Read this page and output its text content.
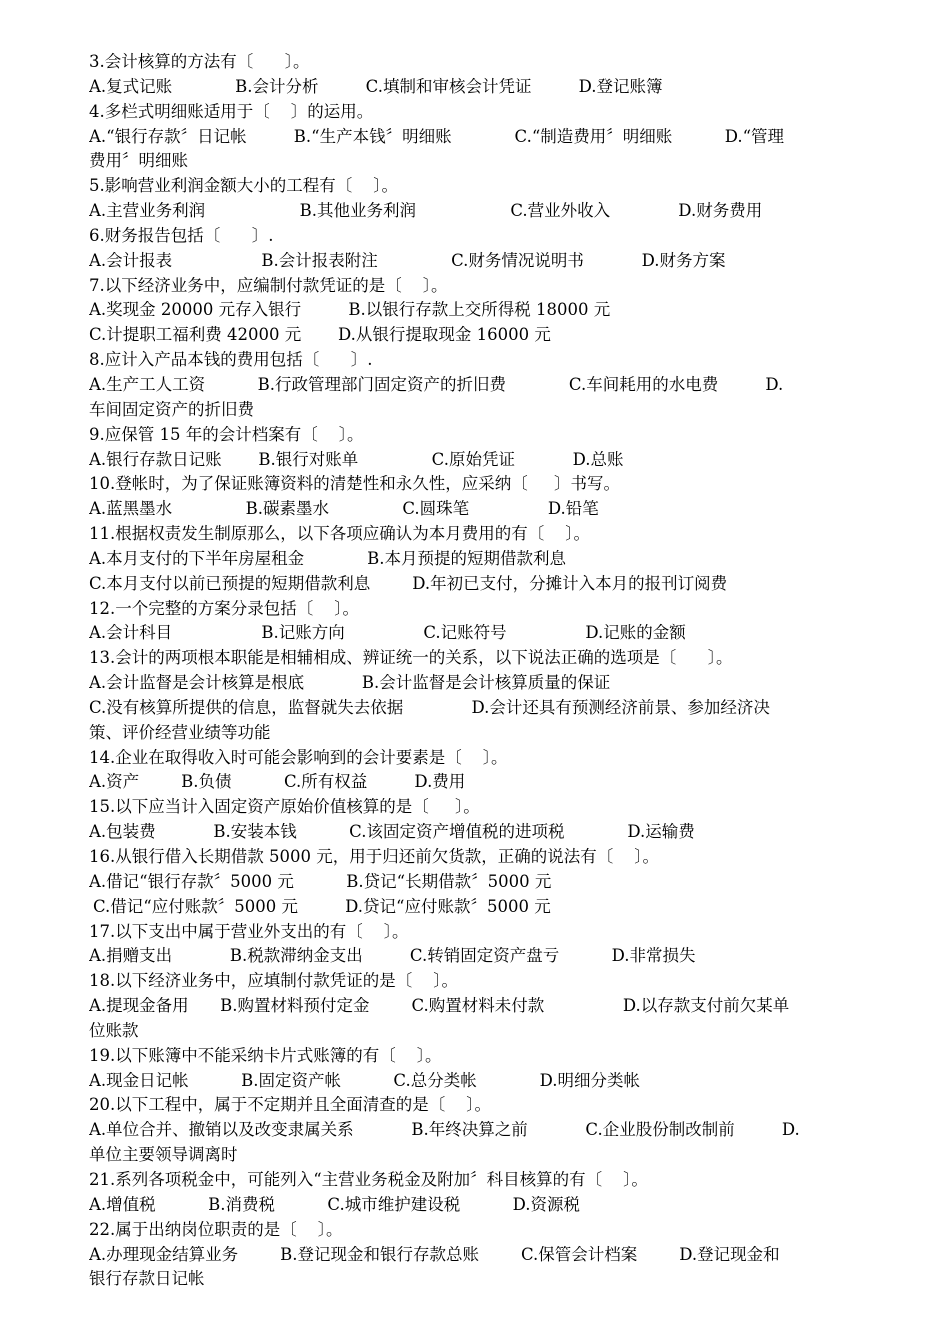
3.会计核算的方法有〔      〕。
A.复式记账            B.会计分析         C.填制和审核会计凭证         D.登记账簿
4.多栏式明细账适用于〔    〕的运用。
A.“银行存款〞日记帐         B.“生产本钱〞明细账            C.“制造费用〞明细账          D.“管理
费用〞明细账
5.影响营业利润金额大小的工程有〔    〕。
A.主营业务利润                  B.其他业务利润                  C.营业外收入             D.财务费用
6.财务报告包括〔      〕.
A.会计报表                 B.会计报表附注              C.财务情况说明书           D.财务方案
7.以下经济业务中，应编制付款凭证的是〔    〕。
A.奖现金 20000 元存入银行         B.以银行存款上交所得税 18000 元
C.计提职工福利费 42000 元       D.从银行提取现金 16000 元
8.应计入产品本钱的费用包括〔      〕.
A.生产工人工资          B.行政管理部门固定资产的折旧费            C.车间耗用的水电费         D.
车间固定资产的折旧费
9.应保管 15 年的会计档案有〔    〕。
A.银行存款日记账       B.银行对账单              C.原始凭证           D.总账
10.登帐时，为了保证账簿资料的清楚性和永久性，应采纳〔     〕书写。
A.蓝黑墨水              B.碳素墨水              C.圆珠笔               D.铅笔
11.根据权责发生制原那么，以下各项应确认为本月费用的有〔    〕。
A.本月支付的下半年房屋租金            B.本月预提的短期借款利息
C.本月支付以前已预提的短期借款利息        D.年初已支付，分摊计入本月的报刊订阅费
12.一个完整的方案分录包括〔    〕。
A.会计科目                 B.记账方向               C.记账符号               D.记账的金额
13.会计的两项根本职能是相辅相成、辨证统一的关系，以下说法正确的选项是〔      〕。
A.会计监督是会计核算是根底           B.会计监督是会计核算质量的保证
C.没有核算所提供的信息，监督就失去依据             D.会计还具有预测经济前景、参加经济决
策、评价经营业绩等功能
14.企业在取得收入时可能会影响到的会计要素是〔    〕。
A.资产        B.负债          C.所有权益         D.费用
15.以下应当计入固定资产原始价值核算的是〔     〕。
A.包装费           B.安装本钱          C.该固定资产增值税的进项税            D.运输费
16.从银行借入长期借款 5000 元，用于归还前欠货款，正确的说法有〔    〕。
A.借记“银行存款〞5000 元          B.贷记“长期借款〞5000 元
C.借记“应付账款〞5000 元         D.贷记“应付账款〞5000 元
17.以下支出中属于营业外支出的有〔    〕。
A.捐赠支出           B.税款滞纳金支出         C.转销固定资产盘亏          D.非常损失
18.以下经济业务中，应填制付款凭证的是〔    〕。
A.提现金备用      B.购置材料预付定金        C.购置材料未付款               D.以存款支付前欠某单
位账款
19.以下账簿中不能采纳卡片式账簿的有〔    〕。
A.现金日记帐          B.固定资产帐          C.总分类帐            D.明细分类帐
20.以下工程中，属于不定期并且全面清查的是〔    〕。
A.单位合并、撤销以及改变隶属关系           B.年终决算之前           C.企业股份制改制前         D.
单位主要领导调离时
21.系列各项税金中，可能列入“主营业务税金及附加〞科目核算的有〔    〕。
A.增值税          B.消费税          C.城市维护建设税          D.资源税
22.属于出纳岗位职责的是〔    〕。
A.办理现金结算业务        B.登记现金和银行存款总账        C.保管会计档案        D.登记现金和
银行存款日记帐
